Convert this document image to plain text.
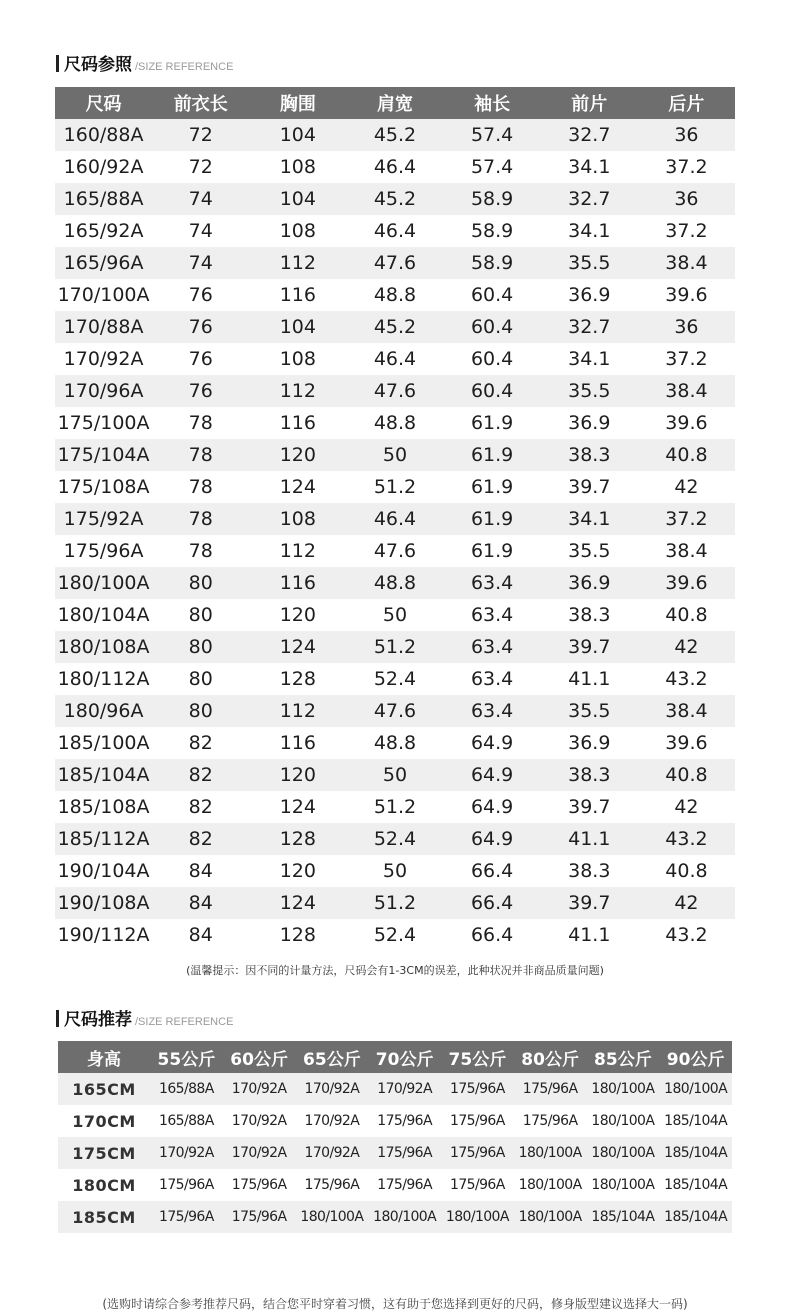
尺码参照 /SIZE REFERENCE
尺码	前衣长	胸围	肩宽	袖长	前片	后片
160/88A	72	104	45.2	57.4	32.7	36
160/92A	72	108	46.4	57.4	34.1	37.2
165/88A	74	104	45.2	58.9	32.7	36
165/92A	74	108	46.4	58.9	34.1	37.2
165/96A	74	112	47.6	58.9	35.5	38.4
170/100A	76	116	48.8	60.4	36.9	39.6
170/88A	76	104	45.2	60.4	32.7	36
170/92A	76	108	46.4	60.4	34.1	37.2
170/96A	76	112	47.6	60.4	35.5	38.4
175/100A	78	116	48.8	61.9	36.9	39.6
175/104A	78	120	50	61.9	38.3	40.8
175/108A	78	124	51.2	61.9	39.7	42
175/92A	78	108	46.4	61.9	34.1	37.2
175/96A	78	112	47.6	61.9	35.5	38.4
180/100A	80	116	48.8	63.4	36.9	39.6
180/104A	80	120	50	63.4	38.3	40.8
180/108A	80	124	51.2	63.4	39.7	42
180/112A	80	128	52.4	63.4	41.1	43.2
180/96A	80	112	47.6	63.4	35.5	38.4
185/100A	82	116	48.8	64.9	36.9	39.6
185/104A	82	120	50	64.9	38.3	40.8
185/108A	82	124	51.2	64.9	39.7	42
185/112A	82	128	52.4	64.9	41.1	43.2
190/104A	84	120	50	66.4	38.3	40.8
190/108A	84	124	51.2	66.4	39.7	42
190/112A	84	128	52.4	66.4	41.1	43.2
(温馨提示：因不同的计量方法，尺码会有1-3CM的误差，此种状况并非商品质量问题)
尺码推荐 /SIZE REFERENCE
身高	55公斤	60公斤	65公斤	70公斤	75公斤	80公斤	85公斤	90公斤
165CM	165/88A	170/92A	170/92A	170/92A	175/96A	175/96A	180/100A	180/100A
170CM	165/88A	170/92A	170/92A	175/96A	175/96A	175/96A	180/100A	185/104A
175CM	170/92A	170/92A	170/92A	175/96A	175/96A	180/100A	180/100A	185/104A
180CM	175/96A	175/96A	175/96A	175/96A	175/96A	180/100A	180/100A	185/104A
185CM	175/96A	175/96A	180/100A	180/100A	180/100A	180/100A	185/104A	185/104A
(选购时请综合参考推荐尺码，结合您平时穿着习惯，这有助于您选择到更好的尺码，修身版型建议选择大一码)
